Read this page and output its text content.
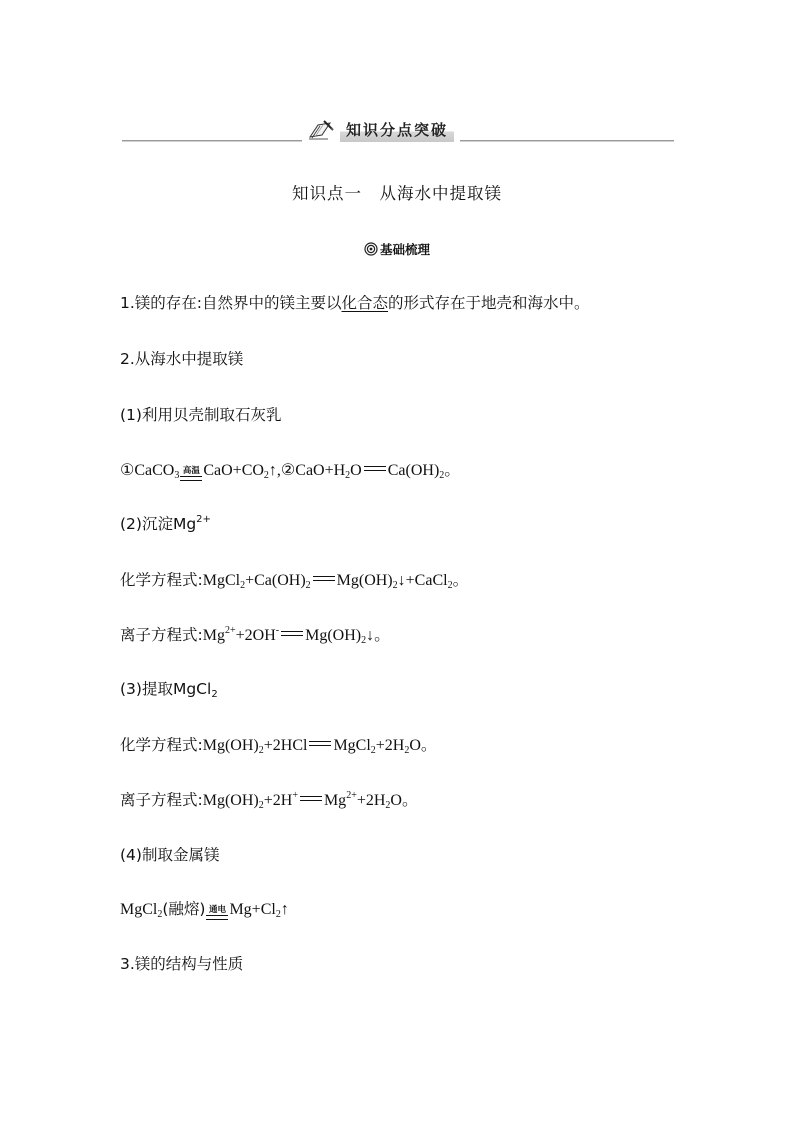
知识分点突破
知识点一　从海水中提取镁
基础梳理
1.镁的存在:自然界中的镁主要以化合态的形式存在于地壳和海水中。
2.从海水中提取镁
(1)利用贝壳制取石灰乳
①CaCO$_3$ 高温 $CaO+CO_2↑,②CaO+H_2O$ $Ca(OH)_2$。
(2)沉淀$Mg^{2+}$
化学方程式$:MgCl_2+Ca(OH)_2$ $Mg(OH)_2↓+CaCl_2$。
离子方程式$:Mg^{2+}+2OH^-$ $Mg(OH)_2↓$。
(3)提取MgCl$_2$
化学方程式$:Mg(OH)_2+2HCl$ $MgCl_2+2H_2O$。
离子方程式$:Mg(OH)_2+2H^+$ $Mg^{2+}+2H_2O$。
(4)制取金属镁
MgCl$_2$(融熔) 通电 $Mg+Cl_2↑$
3.镁的结构与性质
